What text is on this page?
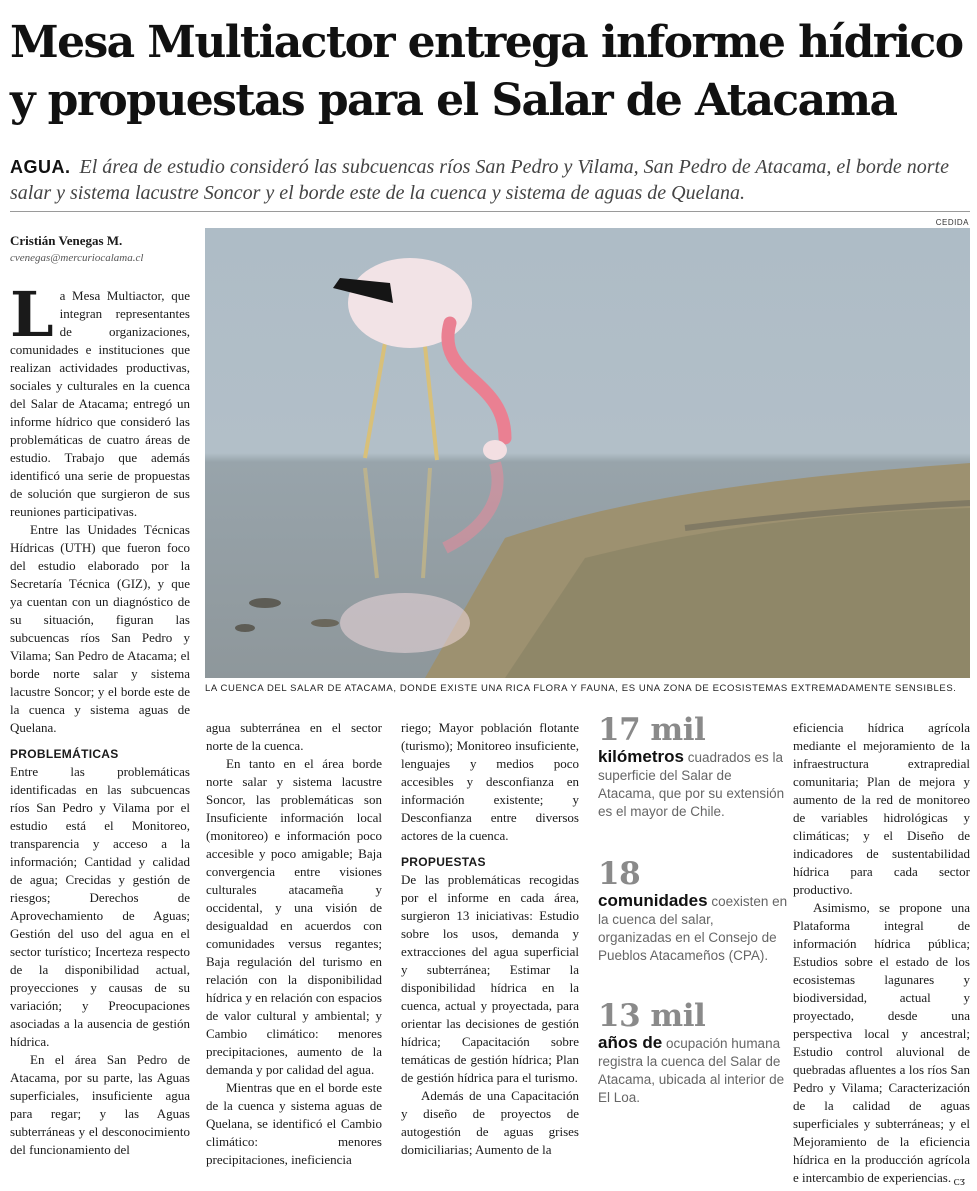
Mesa Multiactor entrega informe hídrico
y propuestas para el Salar de Atacama
AGUA. El área de estudio consideró las subcuencas ríos San Pedro y Vilama, San Pedro de Atacama, el borde norte salar y sistema lacustre Soncor y el borde este de la cuenca y sistema de aguas de Quelana.
Cristián Venegas M.
cvenegas@mercuriocalama.cl
CEDIDA
LA CUENCA DEL SALAR DE ATACAMA, DONDE EXISTE UNA RICA FLORA Y FAUNA, ES UNA ZONA DE ECOSISTEMAS EXTREMADAMENTE SENSIBLES.

La Mesa Multiactor, que integran representantes de organizaciones, comunidades e instituciones que realizan actividades productivas, sociales y culturales en la cuenca del Salar de Atacama; entregó un informe hídrico que consideró las problemáticas de cuatro áreas de estudio. Trabajo que además identificó una serie de propuestas de solución que surgieron de sus reuniones participativas.

Entre las Unidades Técnicas Hídricas (UTH) que fueron foco del estudio elaborado por la Secretaría Técnica (GIZ), y que ya cuentan con un diagnóstico de su situación, figuran las subcuencas ríos San Pedro y Vilama; San Pedro de Atacama; el borde norte salar y sistema lacustre Soncor; y el borde este de la cuenca y sistema aguas de Quelana.

PROBLEMÁTICAS

Entre las problemáticas identificadas en las subcuencas ríos San Pedro y Vilama por el estudio está el Monitoreo, transparencia y acceso a la información; Cantidad y calidad de agua; Crecidas y gestión de riesgos; Derechos de Aprovechamiento de Aguas; Gestión del uso del agua en el sector turístico; Incerteza respecto de la disponibilidad actual, proyecciones y causas de su variación; y Preocupaciones asociadas a la ausencia de gestión hídrica.

En el área San Pedro de Atacama, por su parte, las Aguas superficiales, insuficiente agua para regar; y las Aguas subterráneas y el desconocimiento del funcionamiento del

agua subterránea en el sector norte de la cuenca.

En tanto en el área borde norte salar y sistema lacustre Soncor, las problemáticas son Insuficiente información local (monitoreo) e información poco accesible y poco amigable; Baja convergencia entre visiones culturales atacameña y occidental, y una visión de desigualdad en acuerdos con comunidades versus regantes; Baja regulación del turismo en relación con la disponibilidad hídrica y en relación con espacios de valor cultural y ambiental; y Cambio climático: menores precipitaciones, aumento de la demanda y por calidad del agua.

Mientras que en el borde este de la cuenca y sistema aguas de Quelana, se identificó el Cambio climático: menores precipitaciones, ineficiencia

riego; Mayor población flotante (turismo); Monitoreo insuficiente, lenguajes y medios poco accesibles y desconfianza en información existente; y Desconfianza entre diversos actores de la cuenca.

PROPUESTAS

De las problemáticas recogidas por el informe en cada área, surgieron 13 iniciativas: Estudio sobre los usos, demanda y extracciones del agua superficial y subterránea; Estimar la disponibilidad hídrica en la cuenca, actual y proyectada, para orientar las decisiones de gestión hídrica; Capacitación sobre temáticas de gestión hídrica; Plan de gestión hídrica para el turismo.

Además de una Capacitación y diseño de proyectos de autogestión de aguas grises domiciliarias; Aumento de la

17 mil
kilómetros cuadrados es la superficie del Salar de Atacama, que por su extensión es el mayor de Chile.
18
comunidades coexisten en la cuenca del salar, organizadas en el Consejo de Pueblos Atacameños (CPA).
13 mil
años de ocupación humana registra la cuenca del Salar de Atacama, ubicada al interior de El Loa.

eficiencia hídrica agrícola mediante el mejoramiento de la infraestructura extrapredial comunitaria; Plan de mejora y aumento de la red de monitoreo de variables hidrológicas y climáticas; y el Diseño de indicadores de sustentabilidad hídrica para cada sector productivo.

Asimismo, se propone una Plataforma integral de información hídrica pública; Estudios sobre el estado de los ecosistemas lagunares y biodiversidad, actual y proyectado, desde una perspectiva local y ancestral; Estudio control aluvional de quebradas afluentes a los ríos San Pedro y Vilama; Caracterización de la calidad de aguas superficiales y subterráneas; y el Mejoramiento de la eficiencia hídrica en la producción agrícola e intercambio de experiencias. ᴄᴣ
